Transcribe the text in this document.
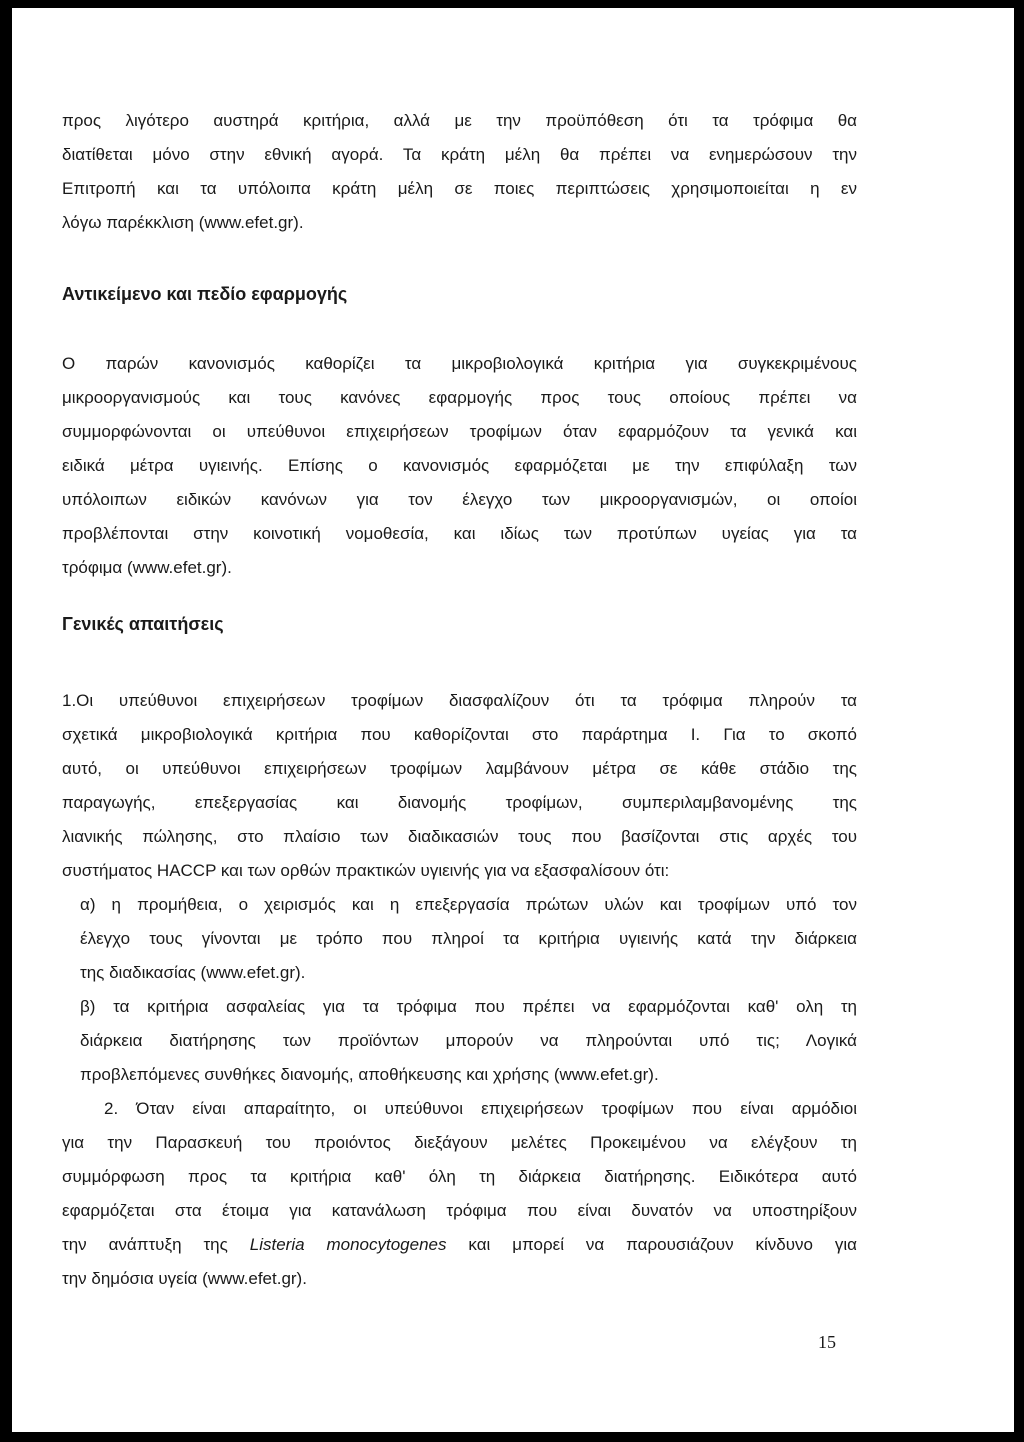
προς λιγότερο αυστηρά κριτήρια, αλλά με την προϋπόθεση ότι τα τρόφιμα θα
διατίθεται μόνο στην εθνική αγορά. Τα κράτη μέλη θα πρέπει να ενημερώσουν την
Επιτροπή και τα υπόλοιπα κράτη μέλη σε ποιες περιπτώσεις χρησιμοποιείται η εν
λόγω παρέκκλιση (www.efet.gr).
Αντικείμενο και πεδίο εφαρμογής
Ο παρών κανονισμός καθορίζει τα μικροβιολογικά κριτήρια για συγκεκριμένους
μικροοργανισμούς και τους κανόνες εφαρμογής προς τους οποίους πρέπει να
συμμορφώνονται οι υπεύθυνοι επιχειρήσεων τροφίμων όταν εφαρμόζουν τα γενικά και
ειδικά μέτρα υγιεινής. Επίσης ο κανονισμός εφαρμόζεται με την επιφύλαξη των
υπόλοιπων ειδικών κανόνων για τον έλεγχο των μικροοργανισμών, οι οποίοι
προβλέπονται στην κοινοτική νομοθεσία, και ιδίως των προτύπων υγείας για τα
τρόφιμα (www.efet.gr).
Γενικές απαιτήσεις
1.Οι υπεύθυνοι επιχειρήσεων τροφίμων διασφαλίζουν ότι τα τρόφιμα πληρούν τα
σχετικά μικροβιολογικά κριτήρια που καθορίζονται στο παράρτημα Ι. Για το σκοπό
αυτό, οι υπεύθυνοι επιχειρήσεων τροφίμων λαμβάνουν μέτρα σε κάθε στάδιο της
παραγωγής, επεξεργασίας και διανομής τροφίμων, συμπεριλαμβανομένης της
λιανικής πώλησης, στο πλαίσιο των διαδικασιών τους που βασίζονται στις αρχές του
συστήματος HACCP και των ορθών πρακτικών υγιεινής για να εξασφαλίσουν ότι:
α) η προμήθεια, ο χειρισμός και η επεξεργασία πρώτων υλών και τροφίμων υπό τον
έλεγχο τους γίνονται με τρόπο που πληροί τα κριτήρια υγιεινής κατά την διάρκεια
της διαδικασίας (www.efet.gr).
β) τα κριτήρια ασφαλείας για τα τρόφιμα που πρέπει να εφαρμόζονται καθ' ολη τη
διάρκεια διατήρησης των προϊόντων μπορούν να πληρούνται υπό τις; Λογικά
προβλεπόμενες συνθήκες διανομής, αποθήκευσης και χρήσης (www.efet.gr).
2. Όταν είναι απαραίτητο, οι υπεύθυνοι επιχειρήσεων τροφίμων που είναι αρμόδιοι
για την Παρασκευή του προιόντος διεξάγουν μελέτες Προκειμένου να ελέγξουν τη
συμμόρφωση προς τα κριτήρια καθ' όλη τη διάρκεια διατήρησης. Ειδικότερα αυτό
εφαρμόζεται στα έτοιμα για κατανάλωση τρόφιμα που είναι δυνατόν να υποστηρίξουν
την ανάπτυξη της Listeria monocytogenes και μπορεί να παρουσιάζουν κίνδυνο για
την δημόσια υγεία (www.efet.gr).
15
